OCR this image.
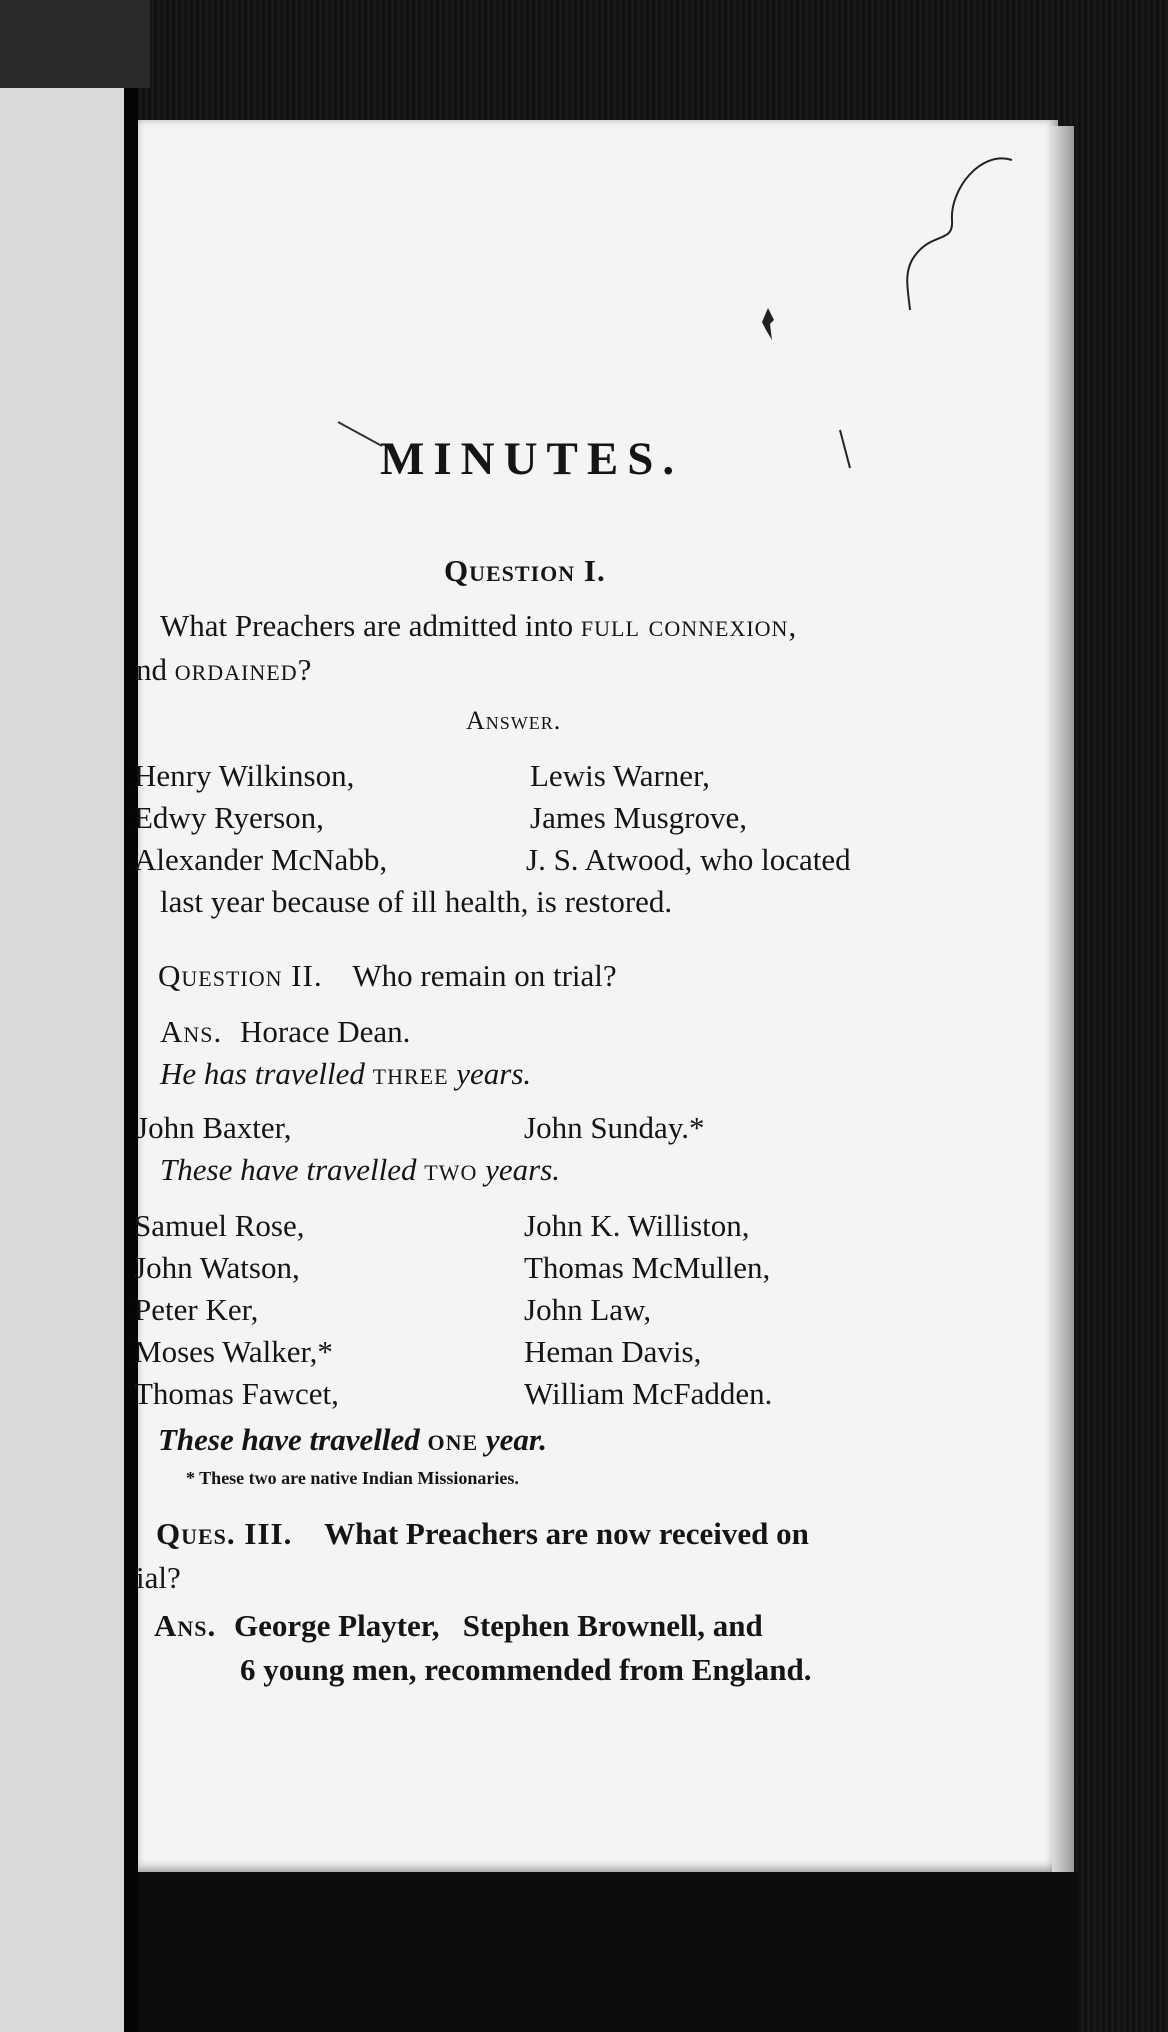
MINUTES.
Question I.
What Preachers are admitted into full connexion,
nd ordained?
Answer.
Henry Wilkinson,
Edwy Ryerson,
Alexander McNabb,
Lewis Warner,
James Musgrove,
J. S. Atwood, who located
last year because of ill health, is restored.
Question II. Who remain on trial?
Ans. Horace Dean.
He has travelled three years.
John Baxter,	John Sunday.*
These have travelled two years.
Samuel Rose,
John Watson,
Peter Ker,
Moses Walker,*
Thomas Fawcet,
John K. Williston,
Thomas McMullen,
John Law,
Heman Davis,
William McFadden.
These have travelled one year.
* These two are native Indian Missionaries.
Ques. III. What Preachers are now received on
ial?
Ans. George Playter,   Stephen Brownell, and
6 young men, recommended from England.
